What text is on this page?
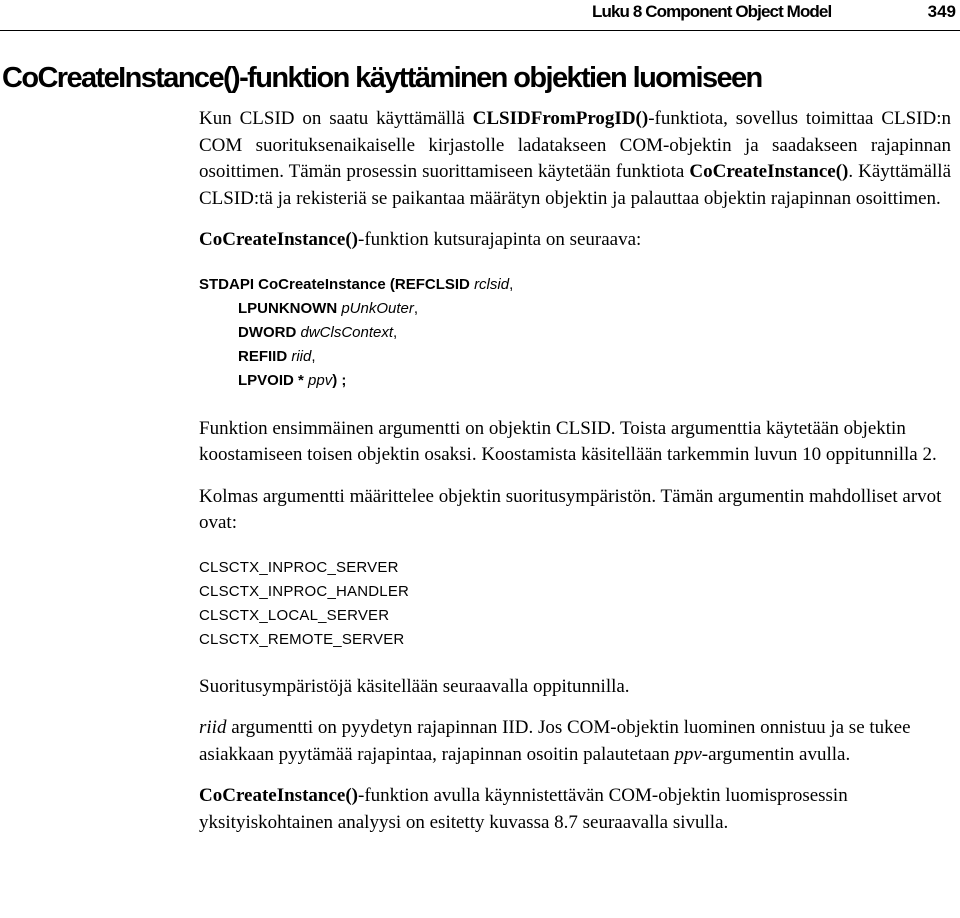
Luku 8 Component Object Model	349
CoCreateInstance()-funktion käyttäminen objektien luomiseen

Kun CLSID on saatu käyttämällä CLSIDFromProgID()-funktiota, sovellus toimittaa CLSID:n COM suorituksenaikaiselle kirjastolle ladatakseen COM-objektin ja saadakseen rajapinnan osoittimen. Tämän prosessin suorittamiseen käytetään funktiota CoCreateInstance(). Käyttämällä CLSID:tä ja rekisteriä se paikantaa määrätyn objektin ja palauttaa objektin rajapinnan osoittimen.

CoCreateInstance()-funktion kutsurajapinta on seuraava:

STDAPI CoCreateInstance (REFCLSID rclsid,
LPUNKNOWN pUnkOuter,
DWORD dwClsContext,
REFIID riid,
LPVOID * ppv) ;

Funktion ensimmäinen argumentti on objektin CLSID. Toista argumenttia käytetään objektin koostamiseen toisen objektin osaksi. Koostamista käsitellään tarkemmin luvun 10 oppitunnilla 2.

Kolmas argumentti määrittelee objektin suoritusympäristön. Tämän argumentin mahdolliset arvot ovat:

CLSCTX_INPROC_SERVER
CLSCTX_INPROC_HANDLER
CLSCTX_LOCAL_SERVER
CLSCTX_REMOTE_SERVER

Suoritusympäristöjä käsitellään seuraavalla oppitunnilla.

riid argumentti on pyydetyn rajapinnan IID. Jos COM-objektin luominen onnistuu ja se tukee asiakkaan pyytämää rajapintaa, rajapinnan osoitin palautetaan ppv-argumentin avulla.

CoCreateInstance()-funktion avulla käynnistettävän COM-objektin luomisprosessin yksityiskohtainen analyysi on esitetty kuvassa 8.7 seuraavalla sivulla.
